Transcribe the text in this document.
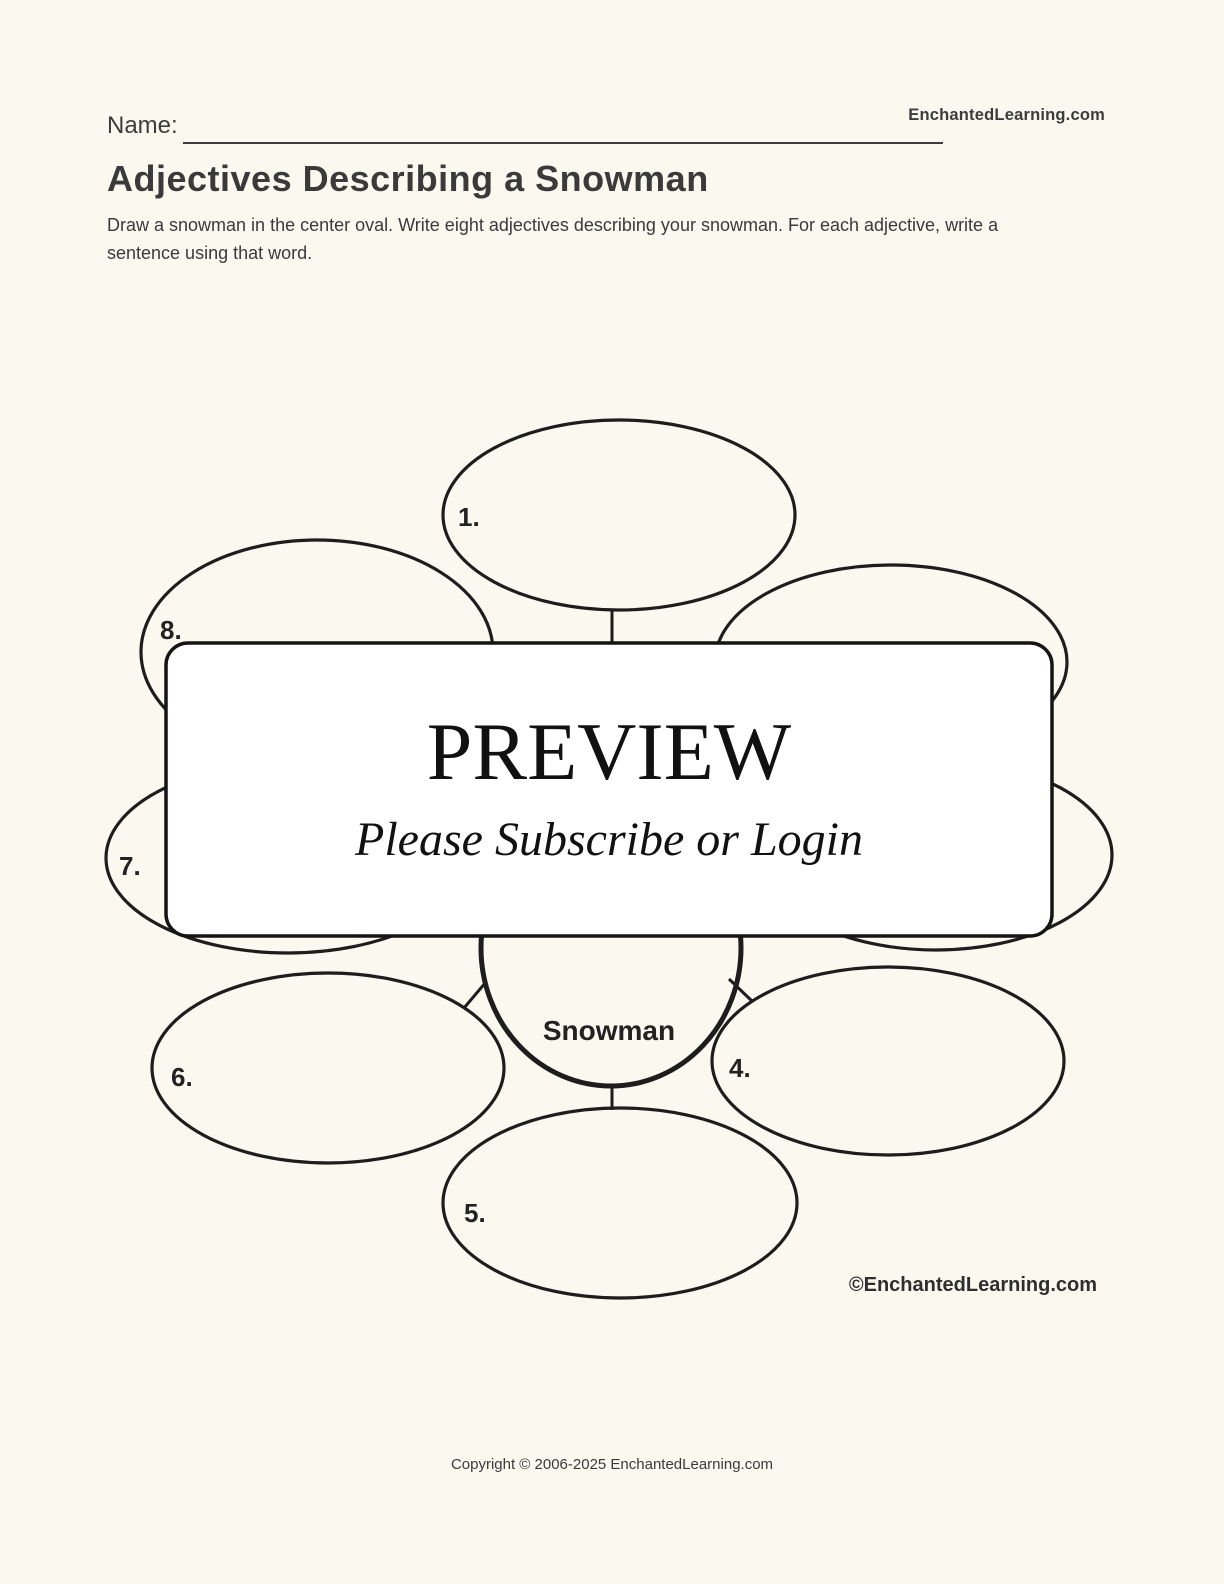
Name:	EnchantedLearning.com
Adjectives Describing a Snowman

Draw a snowman in the center oval. Write eight adjectives describing your snowman. For each adjective, write a sentence using that word.

1.
4.
5.
6.
7.
8.
Snowman
PREVIEW
Please Subscribe or Login
©EnchantedLearning.com
Copyright © 2006-2025 EnchantedLearning.com
